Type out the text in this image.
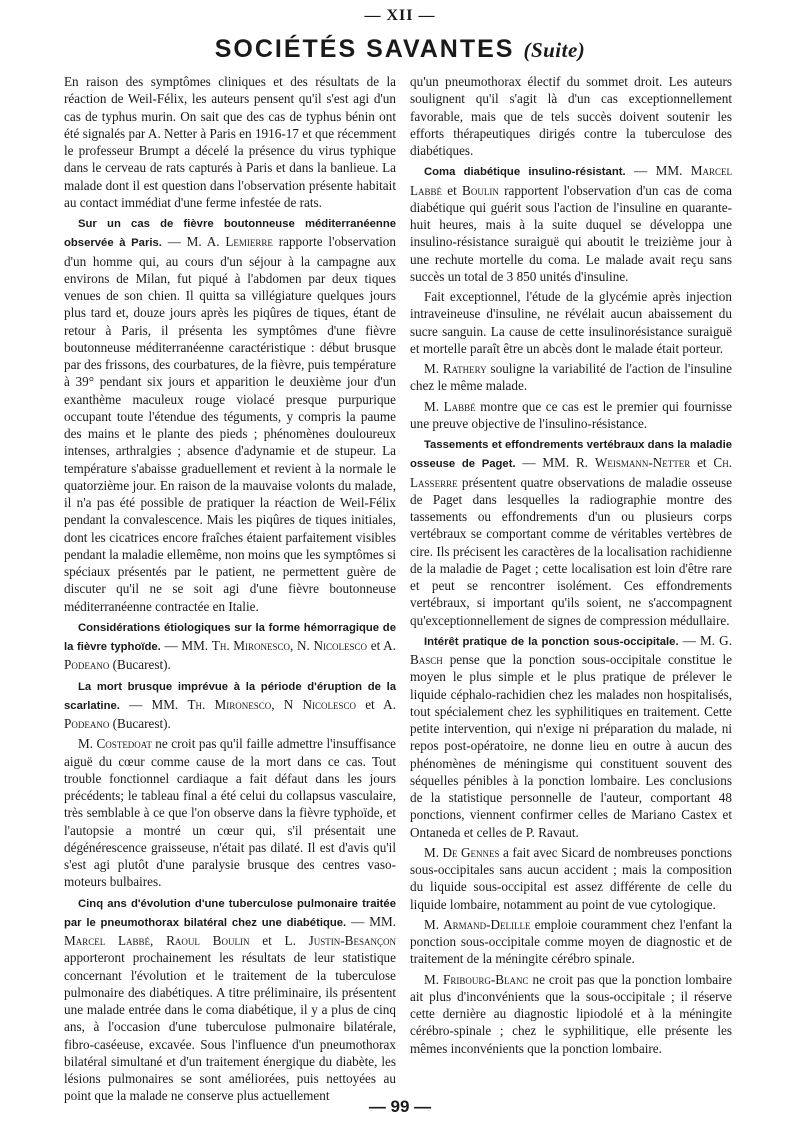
— XII —
SOCIÉTÉS SAVANTES (Suite)

En raison des symptômes cliniques et des résultats de la réaction de Weil-Félix, les auteurs pensent qu'il s'est agi d'un cas de typhus murin. On sait que des cas de typhus bénin ont été signalés par A. Netter à Paris en 1916-17 et que récemment le professeur Brumpt a décelé la présence du virus typhique dans le cerveau de rats capturés à Paris et dans la banlieue. La malade dont il est question dans l'observation présente habitait au contact immédiat d'une ferme infestée de rats.

Sur un cas de fièvre boutonneuse méditerranéenne observée à Paris. — M. A. Lemierre rapporte l'observation d'un homme qui, au cours d'un séjour à la campagne aux environs de Milan, fut piqué à l'abdomen par deux tiques venues de son chien. Il quitta sa villégiature quelques jours plus tard et, douze jours après les piqûres de tiques, étant de retour à Paris, il présenta les symptômes d'une fièvre boutonneuse méditerranéenne caractéristique : début brusque par des frissons, des courbatures, de la fièvre, puis température à 39° pendant six jours et apparition le deuxième jour d'un exanthème maculeux rouge violacé presque purpurique occupant toute l'étendue des téguments, y compris la paume des mains et le plante des pieds ; phénomènes douloureux intenses, arthralgies ; absence d'adynamie et de stupeur. La température s'abaisse graduellement et revient à la normale le quatorzième jour. En raison de la mauvaise volonts du malade, il n'a pas été possible de pratiquer la réaction de Weil-Félix pendant la convalescence. Mais les piqûres de tiques initiales, dont les cicatrices encore fraîches étaient parfaitement visibles pendant la maladie ellemême, non moins que les symptômes si spéciaux présentés par le patient, ne permettent guère de discuter qu'il ne se soit agi d'une fièvre boutonneuse méditerranéenne contractée en Italie.

Considérations étiologiques sur la forme hémorragique de la fièvre typhoïde. — MM. Th. Mironesco, N. Nicolesco et A. Podeano (Bucarest).

La mort brusque imprévue à la période d'éruption de la scarlatine. — MM. Th. Mironesco, N Nicolesco et A. Podeano (Bucarest).

M. Costedoat ne croit pas qu'il faille admettre l'insuffisance aiguë du cœur comme cause de la mort dans ce cas. Tout trouble fonctionnel cardiaque a fait défaut dans les jours précédents; le tableau final a été celui du collapsus vasculaire, très semblable à ce que l'on observe dans la fièvre typhoïde, et l'autopsie a montré un cœur qui, s'il présentait une dégénérescence graisseuse, n'était pas dilaté. Il est d'avis qu'il s'est agi plutôt d'une paralysie brusque des centres vaso-moteurs bulbaires.

Cinq ans d'évolution d'une tuberculose pulmonaire traitée par le pneumothorax bilatéral chez une diabétique. — MM. Marcel Labbé, Raoul Boulin et L. Justin-Besançon apporteront prochainement les résultats de leur statistique concernant l'évolution et le traitement de la tuberculose pulmonaire des diabétiques. A titre préliminaire, ils présentent une malade entrée dans le coma diabétique, il y a plus de cinq ans, à l'occasion d'une tuberculose pulmonaire bilatérale, fibro-caséeuse, excavée. Sous l'influence d'un pneumothorax bilatéral simultané et d'un traitement énergique du diabète, les lésions pulmonaires se sont améliorées, puis nettoyées au point que la malade ne conserve plus actuellement

qu'un pneumothorax électif du sommet droit. Les auteurs soulignent qu'il s'agit là d'un cas exceptionnellement favorable, mais que de tels succès doivent soutenir les efforts thérapeutiques dirigés contre la tuberculose des diabétiques.

Coma diabétique insulino-résistant. — MM. Marcel Labbé et Boulin rapportent l'observation d'un cas de coma diabétique qui guérit sous l'action de l'insuline en quarante-huit heures, mais à la suite duquel se développa une insulino-résistance suraiguë qui aboutit le treizième jour à une rechute mortelle du coma. Le malade avait reçu sans succès un total de 3 850 unités d'insuline.

Fait exceptionnel, l'étude de la glycémie après injection intraveineuse d'insuline, ne révélait aucun abaissement du sucre sanguin. La cause de cette insulinorésistance suraiguë et mortelle paraît être un abcès dont le malade était porteur.

M. Rathery souligne la variabilité de l'action de l'insuline chez le même malade.

M. Labbé montre que ce cas est le premier qui fournisse une preuve objective de l'insulino-résistance.

Tassements et effondrements vertébraux dans la maladie osseuse de Paget. — MM. R. Weismann-Netter et Ch. Lasserre présentent quatre observations de maladie osseuse de Paget dans lesquelles la radiographie montre des tassements ou effondrements d'un ou plusieurs corps vertébraux se comportant comme de véritables vertèbres de cire. Ils précisent les caractères de la localisation rachidienne de la maladie de Paget ; cette localisation est loin d'être rare et peut se rencontrer isolément. Ces effondrements vertébraux, si important qu'ils soient, ne s'accompagnent qu'exceptionnellement de signes de compression médullaire.

Intérêt pratique de la ponction sous-occipitale. — M. G. Basch pense que la ponction sous-occipitale constitue le moyen le plus simple et le plus pratique de prélever le liquide céphalo-rachidien chez les malades non hospitalisés, tout spécialement chez les syphilitiques en traitement. Cette petite intervention, qui n'exige ni préparation du malade, ni repos post-opératoire, ne donne lieu en outre à aucun des phénomènes de méningisme qui constituent souvent des séquelles pénibles à la ponction lombaire. Les conclusions de la statistique personnelle de l'auteur, comportant 48 ponctions, viennent confirmer celles de Mariano Castex et Ontaneda et celles de P. Ravaut.

M. De Gennes a fait avec Sicard de nombreuses ponctions sous-occipitales sans aucun accident ; mais la composition du liquide sous-occipital est assez différente de celle du liquide lombaire, notamment au point de vue cytologique.

M. Armand-Delille emploie couramment chez l'enfant la ponction sous-occipitale comme moyen de diagnostic et de traitement de la méningite cérébro spinale.

M. Fribourg-Blanc ne croit pas que la ponction lombaire ait plus d'inconvénients que la sous-occipitale ; il réserve cette dernière au diagnostic lipiodolé et à la méningite cérébro-spinale ; chez le syphilitique, elle présente les mêmes inconvénients que la ponction lombaire.

— 99 —
